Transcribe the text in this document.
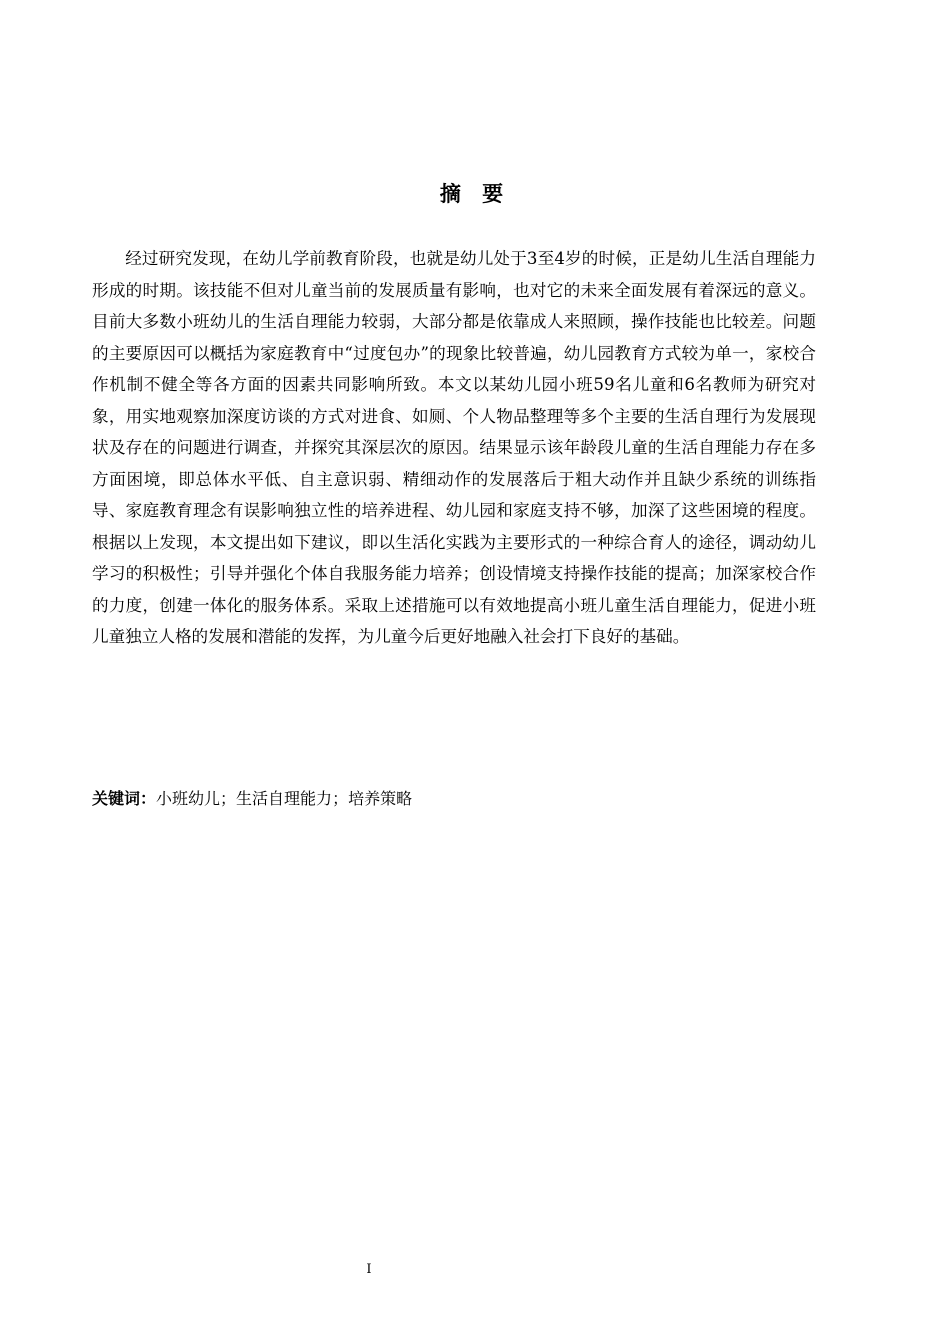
摘 要

经过研究发现，在幼儿学前教育阶段，也就是幼儿处于3至4岁的时候，正是幼儿生活自理能力形成的时期。该技能不但对儿童当前的发展质量有影响，也对它的未来全面发展有着深远的意义。目前大多数小班幼儿的生活自理能力较弱，大部分都是依靠成人来照顾，操作技能也比较差。问题的主要原因可以概括为家庭教育中“过度包办”的现象比较普遍，幼儿园教育方式较为单一，家校合作机制不健全等各方面的因素共同影响所致。本文以某幼儿园小班59名儿童和6名教师为研究对象，用实地观察加深度访谈的方式对进食、如厕、个人物品整理等多个主要的生活自理行为发展现状及存在的问题进行调查，并探究其深层次的原因。结果显示该年龄段儿童的生活自理能力存在多方面困境，即总体水平低、自主意识弱、精细动作的发展落后于粗大动作并且缺少系统的训练指导、家庭教育理念有误影响独立性的培养进程、幼儿园和家庭支持不够，加深了这些困境的程度。根据以上发现，本文提出如下建议，即以生活化实践为主要形式的一种综合育人的途径，调动幼儿学习的积极性；引导并强化个体自我服务能力培养；创设情境支持操作技能的提高；加深家校合作的力度，创建一体化的服务体系。采取上述措施可以有效地提高小班儿童生活自理能力，促进小班儿童独立人格的发展和潜能的发挥，为儿童今后更好地融入社会打下良好的基础。

关键词：小班幼儿；生活自理能力；培养策略
I
